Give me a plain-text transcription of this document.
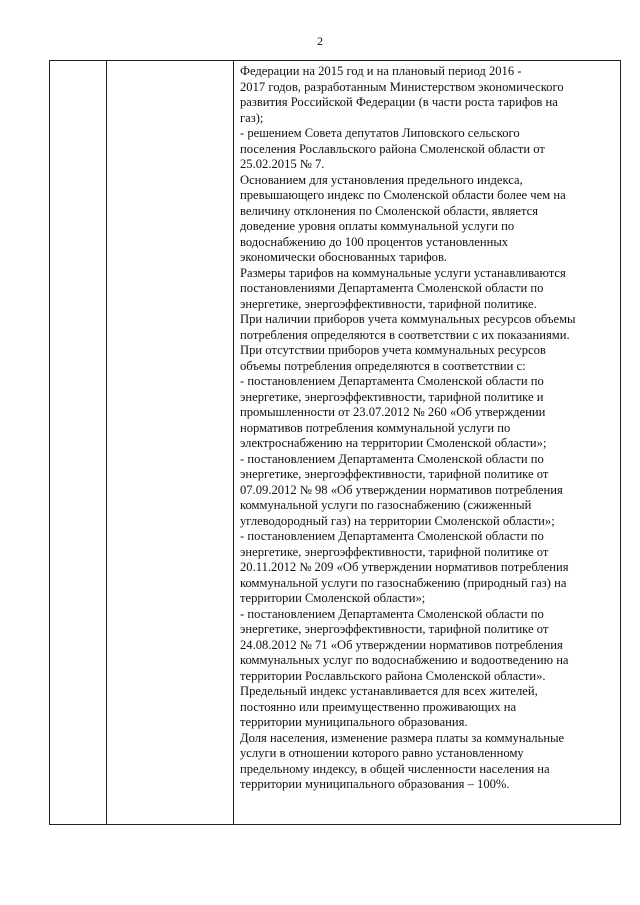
2
Федерации на 2015 год и на плановый период 2016 -
2017 годов, разработанным Министерством экономического
развития Российской Федерации (в части роста тарифов на
газ);
- решением Совета депутатов Липовского сельского
поселения Рославльского района Смоленской области от
25.02.2015 № 7.
Основанием для установления предельного индекса,
превышающего индекс по Смоленской области более чем на
величину отклонения по Смоленской области, является
доведение уровня оплаты коммунальной услуги по
водоснабжению до 100 процентов установленных
экономически обоснованных тарифов.
Размеры тарифов на коммунальные услуги устанавливаются
постановлениями Департамента Смоленской области по
энергетике, энергоэффективности, тарифной политике.
При наличии приборов учета коммунальных ресурсов объемы
потребления определяются в соответствии с их показаниями.
При отсутствии приборов учета коммунальных ресурсов
объемы потребления определяются в соответствии с:
- постановлением Департамента Смоленской области по
энергетике, энергоэффективности, тарифной политике и
промышленности от 23.07.2012 № 260 «Об утверждении
нормативов потребления коммунальной услуги по
электроснабжению на территории Смоленской области»;
- постановлением Департамента Смоленской области по
энергетике, энергоэффективности, тарифной политике от
07.09.2012 № 98 «Об утверждении нормативов потребления
коммунальной услуги по газоснабжению (сжиженный
углеводородный газ) на территории Смоленской области»;
- постановлением Департамента Смоленской области по
энергетике, энергоэффективности, тарифной политике от
20.11.2012 № 209 «Об утверждении нормативов потребления
коммунальной услуги по газоснабжению (природный газ) на
территории Смоленской области»;
- постановлением Департамента Смоленской области по
энергетике, энергоэффективности, тарифной политике от
24.08.2012 № 71 «Об утверждении нормативов потребления
коммунальных услуг по водоснабжению и водоотведению на
территории Рославльского района Смоленской области».
Предельный индекс устанавливается для всех жителей,
постоянно или преимущественно проживающих на
территории муниципального образования.
Доля населения, изменение размера платы за коммунальные
услуги в отношении которого равно установленному
предельному индексу, в общей численности населения на
территории муниципального образования – 100%.
